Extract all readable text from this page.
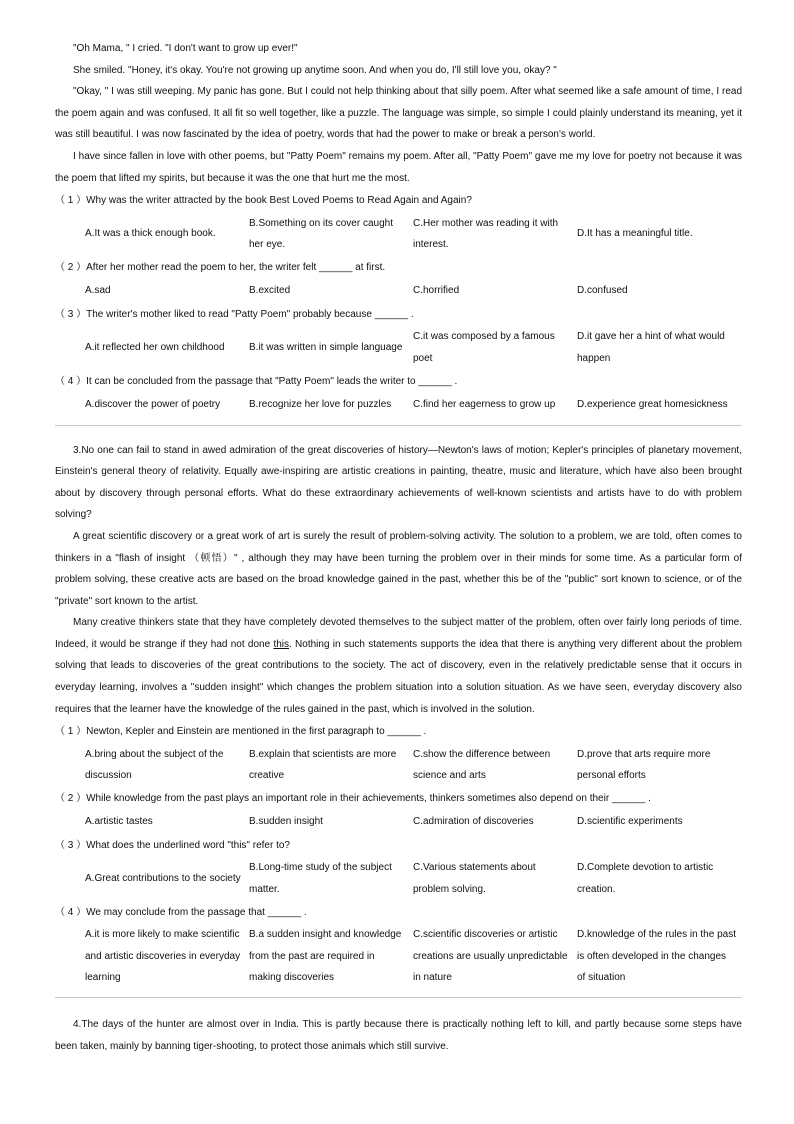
"Oh Mama, " I cried. "I don't want to grow up ever!"

She smiled. "Honey, it's okay. You're not growing up anytime soon. And when you do, I'll still love you, okay? "

"Okay, " I was still weeping. My panic has gone. But I could not help thinking about that silly poem. After what seemed like a safe amount of time, I read the poem again and was confused. It all fit so well together, like a puzzle. The language was simple, so simple I could plainly understand its meaning, yet it was still beautiful. I was now fascinated by the idea of poetry, words that had the power to make or break a person's world.

I have since fallen in love with other poems, but "Patty Poem" remains my poem. After all, "Patty Poem" gave me my love for poetry not because it was the poem that lifted my spirits, but because it was the one that hurt me the most.

（ 1 ）Why was the writer attracted by the book Best Loved Poems to Read Again and Again?
A.It was a thick enough book.
B.Something on its cover caught her eye.
C.Her mother was reading it with interest.
D.It has a meaningful title.
（ 2 ）After her mother read the poem to her, the writer felt ______ at first.
A.sad	B.excited	C.horrified	D.confused
（ 3 ）The writer's mother liked to read "Patty Poem" probably because ______ .
A.it reflected her own childhood	B.it was written in simple language
C.it was composed by a famous poet
D.it gave her a hint of what would happen
（ 4 ）It can be concluded from the passage that "Patty Poem" leads the writer to ______ .
A.discover the power of poetry	B.recognize her love for puzzles	C.find her eagerness to grow up	D.experience great homesickness

3.No one can fail to stand in awed admiration of the great discoveries of history—Newton's laws of motion; Kepler's principles of planetary movement, Einstein's general theory of relativity. Equally awe-inspiring are artistic creations in painting, theatre, music and literature, which have also been brought about by discovery through personal efforts. What do these extraordinary achievements of well-known scientists and artists have to do with problem solving?

A great scientific discovery or a great work of art is surely the result of problem-solving activity. The solution to a problem, we are told, often comes to thinkers in a "flash of insight （顿悟）" , although they may have been turning the problem over in their minds for some time. As a particular form of problem solving, these creative acts are based on the broad knowledge gained in the past, whether this be of the "public" sort known to science, or of the "private" sort known to the artist.

Many creative thinkers state that they have completely devoted themselves to the subject matter of the problem, often over fairly long periods of time. Indeed, it would be strange if they had not done this. Nothing in such statements supports the idea that there is anything very different about the problem solving that leads to discoveries of the great contributions to the society. The act of discovery, even in the relatively predictable sense that it occurs in everyday learning, involves a "sudden insight" which changes the problem situation into a solution situation. As we have seen, everyday discovery also requires that the learner have the knowledge of the rules gained in the past, which is involved in the solution.

（ 1 ）Newton, Kepler and Einstein are mentioned in the first paragraph to ______ .
A.bring about the subject of the discussion
B.explain that scientists are more creative
C.show the difference between science and arts
D.prove that arts require more personal efforts
（ 2 ）While knowledge from the past plays an important role in their achievements, thinkers sometimes also depend on their ______ .
A.artistic tastes	B.sudden insight	C.admiration of discoveries	D.scientific experiments
（ 3 ）What does the underlined word "this" refer to?
A.Great contributions to the society
B.Long-time study of the subject matter.
C.Various statements about problem solving.
D.Complete devotion to artistic creation.
（ 4 ）We may conclude from the passage that ______ .
A.it is more likely to make scientific and artistic discoveries in everyday learning
B.a sudden insight and knowledge from the past are required in making discoveries
C.scientific discoveries or artistic creations are usually unpredictable in nature
D.knowledge of the rules in the past is often developed in the changes of situation

4.The days of the hunter are almost over in India. This is partly because there is practically nothing left to kill, and partly because some steps have been taken, mainly by banning tiger-shooting, to protect those animals which still survive.
